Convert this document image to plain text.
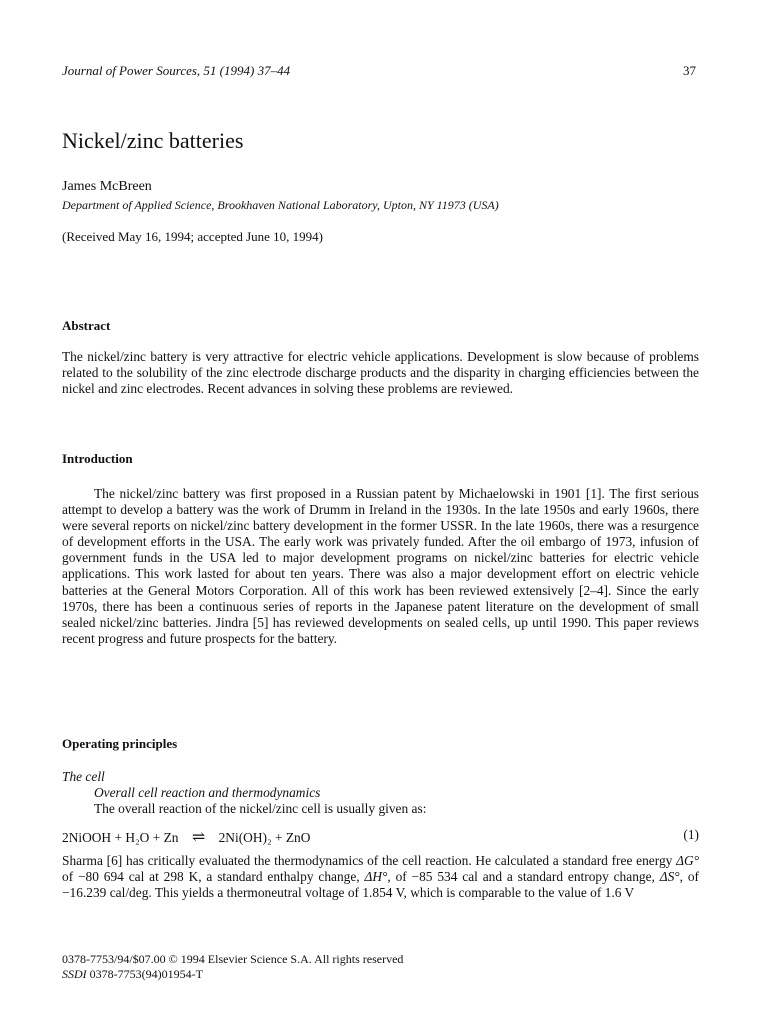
Journal of Power Sources, 51 (1994) 37–44	37
Nickel/zinc batteries
James McBreen
Department of Applied Science, Brookhaven National Laboratory, Upton, NY 11973 (USA)
(Received May 16, 1994; accepted June 10, 1994)
Abstract

The nickel/zinc battery is very attractive for electric vehicle applications. Development is slow because of problems related to the solubility of the zinc electrode discharge products and the disparity in charging efficiencies between the nickel and zinc electrodes. Recent advances in solving these problems are reviewed.

Introduction

The nickel/zinc battery was first proposed in a Russian patent by Michaelowski in 1901 [1]. The first serious attempt to develop a battery was the work of Drumm in Ireland in the 1930s. In the late 1950s and early 1960s, there were several reports on nickel/zinc battery development in the former USSR. In the late 1960s, there was a resurgence of development efforts in the USA. The early work was privately funded. After the oil embargo of 1973, infusion of government funds in the USA led to major development programs on nickel/zinc batteries for electric vehicle applications. This work lasted for about ten years. There was also a major development effort on electric vehicle batteries at the General Motors Corporation. All of this work has been reviewed extensively [2–4]. Since the early 1970s, there has been a continuous series of reports in the Japanese patent literature on the development of small sealed nickel/zinc batteries. Jindra [5] has reviewed developments on sealed cells, up until 1990. This paper reviews recent progress and future prospects for the battery.

Operating principles
The cell
Overall cell reaction and thermodynamics
The overall reaction of the nickel/zinc cell is usually given as:
2NiOOH + H₂O + Zn ⇌ 2Ni(OH)₂ + ZnO	(1)

Sharma [6] has critically evaluated the thermodynamics of the cell reaction. He calculated a standard free energy ΔG° of −80 694 cal at 298 K, a standard enthalpy change, ΔH°, of −85 534 cal and a standard entropy change, ΔS°, of −16.239 cal/deg. This yields a thermoneutral voltage of 1.854 V, which is comparable to the value of 1.6 V

0378-7753/94/$07.00 © 1994 Elsevier Science S.A. All rights reserved
SSDI 0378-7753(94)01954-T
